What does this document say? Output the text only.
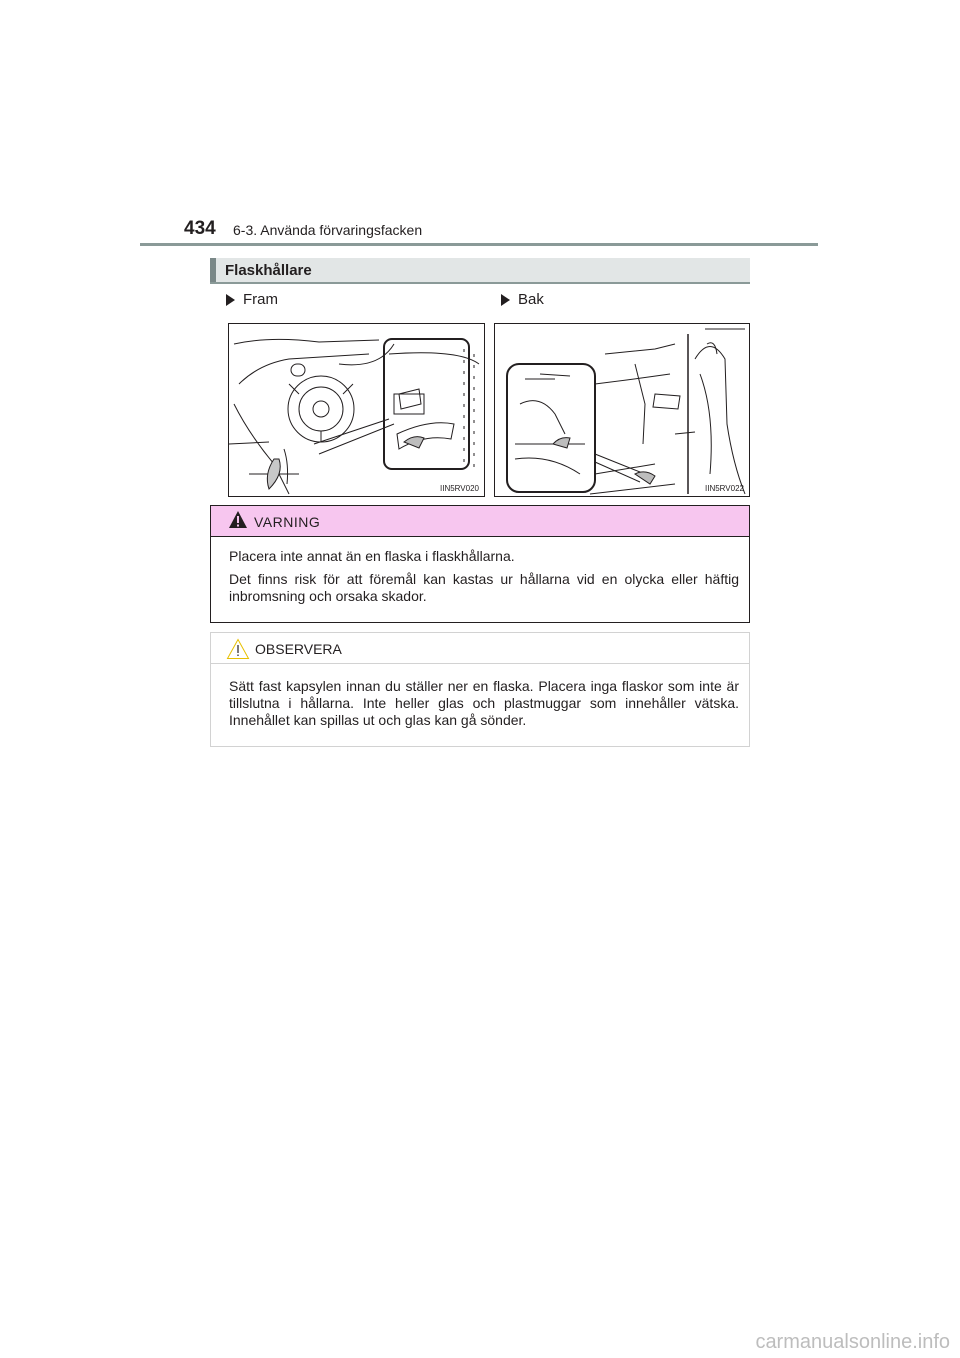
434 6-3. Använda förvaringsfacken
Flaskhållare
Fram	Bak
IIN5RV020	IIN5RV022
VARNING
Placera inte annat än en flaska i flaskhållarna.
Det finns risk för att föremål kan kastas ur hållarna vid en olycka eller häftig inbromsning och orsaka skador.
OBSERVERA
Sätt fast kapsylen innan du ställer ner en flaska. Placera inga flaskor som inte är tillslutna i hållarna. Inte heller glas och plastmuggar som innehåller vätska. Innehållet kan spillas ut och glas kan gå sönder.
carmanualsonline.info
